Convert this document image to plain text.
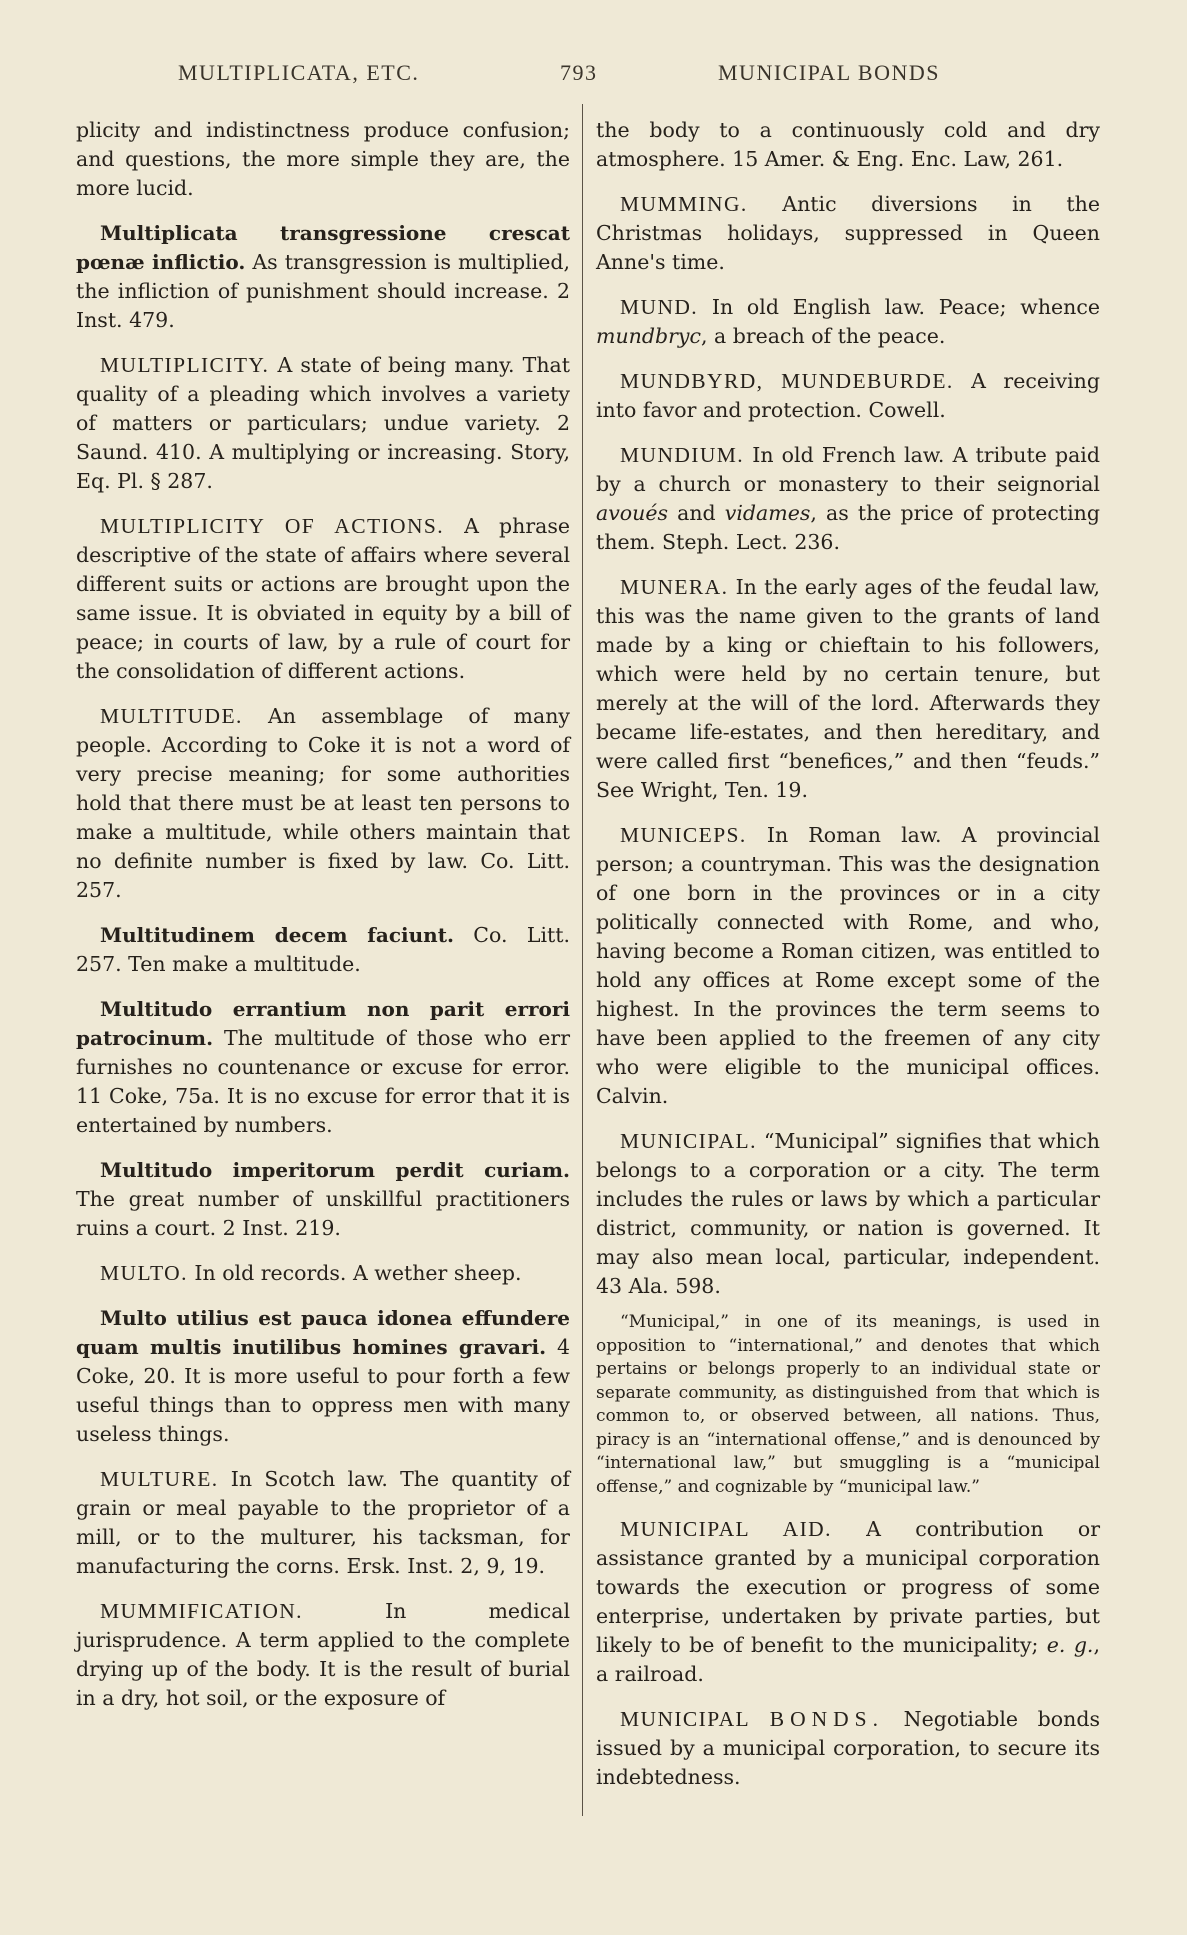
MULTIPLICATA, ETC.	793	MUNICIPAL BONDS

plicity and indistinctness produce confusion; and questions, the more simple they are, the more lucid.

Multiplicata transgressione crescat pœnæ inflictio. As transgression is multiplied, the infliction of punishment should increase. 2 Inst. 479.

MULTIPLICITY. A state of being many. That quality of a pleading which involves a variety of matters or particulars; undue variety. 2 Saund. 410. A multiplying or increasing. Story, Eq. Pl. § 287.

MULTIPLICITY OF ACTIONS. A phrase descriptive of the state of affairs where several different suits or actions are brought upon the same issue. It is obviated in equity by a bill of peace; in courts of law, by a rule of court for the consolidation of different actions.

MULTITUDE. An assemblage of many people. According to Coke it is not a word of very precise meaning; for some authorities hold that there must be at least ten persons to make a multitude, while others maintain that no definite number is fixed by law. Co. Litt. 257.

Multitudinem decem faciunt. Co. Litt. 257. Ten make a multitude.

Multitudo errantium non parit errori patrocinum. The multitude of those who err furnishes no countenance or excuse for error. 11 Coke, 75a. It is no excuse for error that it is entertained by numbers.

Multitudo imperitorum perdit curiam. The great number of unskillful practitioners ruins a court. 2 Inst. 219.

MULTO. In old records. A wether sheep.

Multo utilius est pauca idonea effundere quam multis inutilibus homines gravari. 4 Coke, 20. It is more useful to pour forth a few useful things than to oppress men with many useless things.

MULTURE. In Scotch law. The quantity of grain or meal payable to the proprietor of a mill, or to the multurer, his tacksman, for manufacturing the corns. Ersk. Inst. 2, 9, 19.

MUMMIFICATION. In medical jurisprudence. A term applied to the complete drying up of the body. It is the result of burial in a dry, hot soil, or the exposure of

the body to a continuously cold and dry atmosphere. 15 Amer. & Eng. Enc. Law, 261.

MUMMING. Antic diversions in the Christmas holidays, suppressed in Queen Anne's time.

MUND. In old English law. Peace; whence mundbryc, a breach of the peace.

MUNDBYRD, MUNDEBURDE. A receiving into favor and protection. Cowell.

MUNDIUM. In old French law. A tribute paid by a church or monastery to their seignorial avoués and vidames, as the price of protecting them. Steph. Lect. 236.

MUNERA. In the early ages of the feudal law, this was the name given to the grants of land made by a king or chieftain to his followers, which were held by no certain tenure, but merely at the will of the lord. Afterwards they became life-estates, and then hereditary, and were called first “benefices,” and then “feuds.” See Wright, Ten. 19.

MUNICEPS. In Roman law. A provincial person; a countryman. This was the designation of one born in the provinces or in a city politically connected with Rome, and who, having become a Roman citizen, was entitled to hold any offices at Rome except some of the highest. In the provinces the term seems to have been applied to the freemen of any city who were eligible to the municipal offices. Calvin.

MUNICIPAL. “Municipal” signifies that which belongs to a corporation or a city. The term includes the rules or laws by which a particular district, community, or nation is governed. It may also mean local, particular, independent. 43 Ala. 598.

“Municipal,” in one of its meanings, is used in opposition to “international,” and denotes that which pertains or belongs properly to an individual state or separate community, as distinguished from that which is common to, or observed between, all nations. Thus, piracy is an “international offense,” and is denounced by “international law,” but smuggling is a “municipal offense,” and cognizable by “municipal law.”

MUNICIPAL AID. A contribution or assistance granted by a municipal corporation towards the execution or progress of some enterprise, undertaken by private parties, but likely to be of benefit to the municipality; e. g., a railroad.

MUNICIPAL BONDS. Negotiable bonds issued by a municipal corporation, to secure its indebtedness.
